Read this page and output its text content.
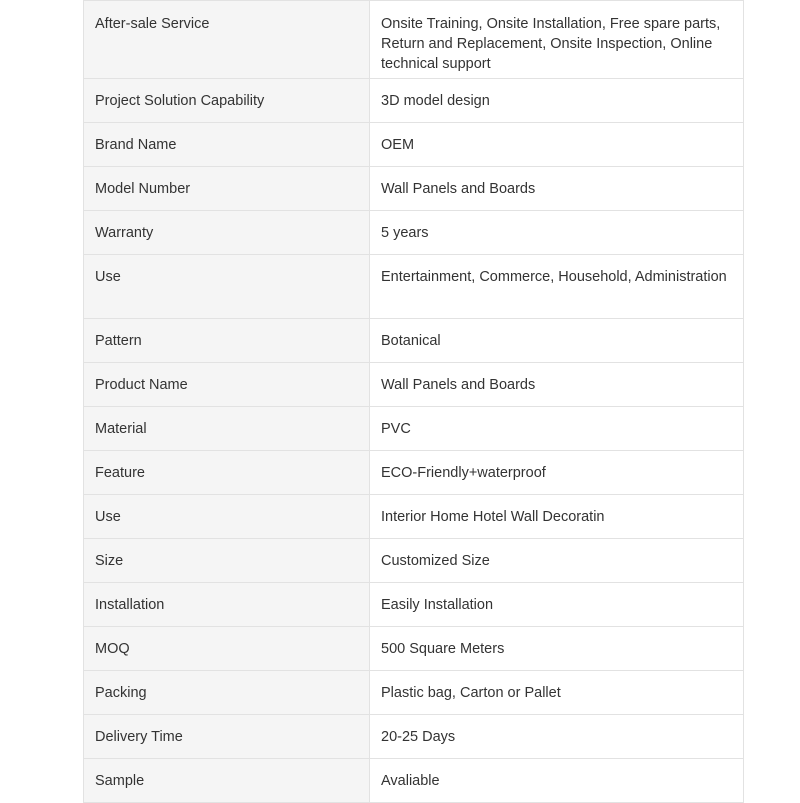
After-sale Service	Onsite Training, Onsite Installation, Free spare parts, Return and Replacement, Onsite Inspection, Online technical support
Project Solution Capability	3D model design
Brand Name	OEM
Model Number	Wall Panels and Boards
Warranty	5 years
Use	Entertainment, Commerce, Household, Administration
Pattern	Botanical
Product Name	Wall Panels and Boards
Material	PVC
Feature	ECO-Friendly+waterproof
Use	Interior Home Hotel Wall Decoratin
Size	Customized Size
Installation	Easily Installation
MOQ	500 Square Meters
Packing	Plastic bag, Carton or Pallet
Delivery Time	20-25 Days
Sample	Avaliable
